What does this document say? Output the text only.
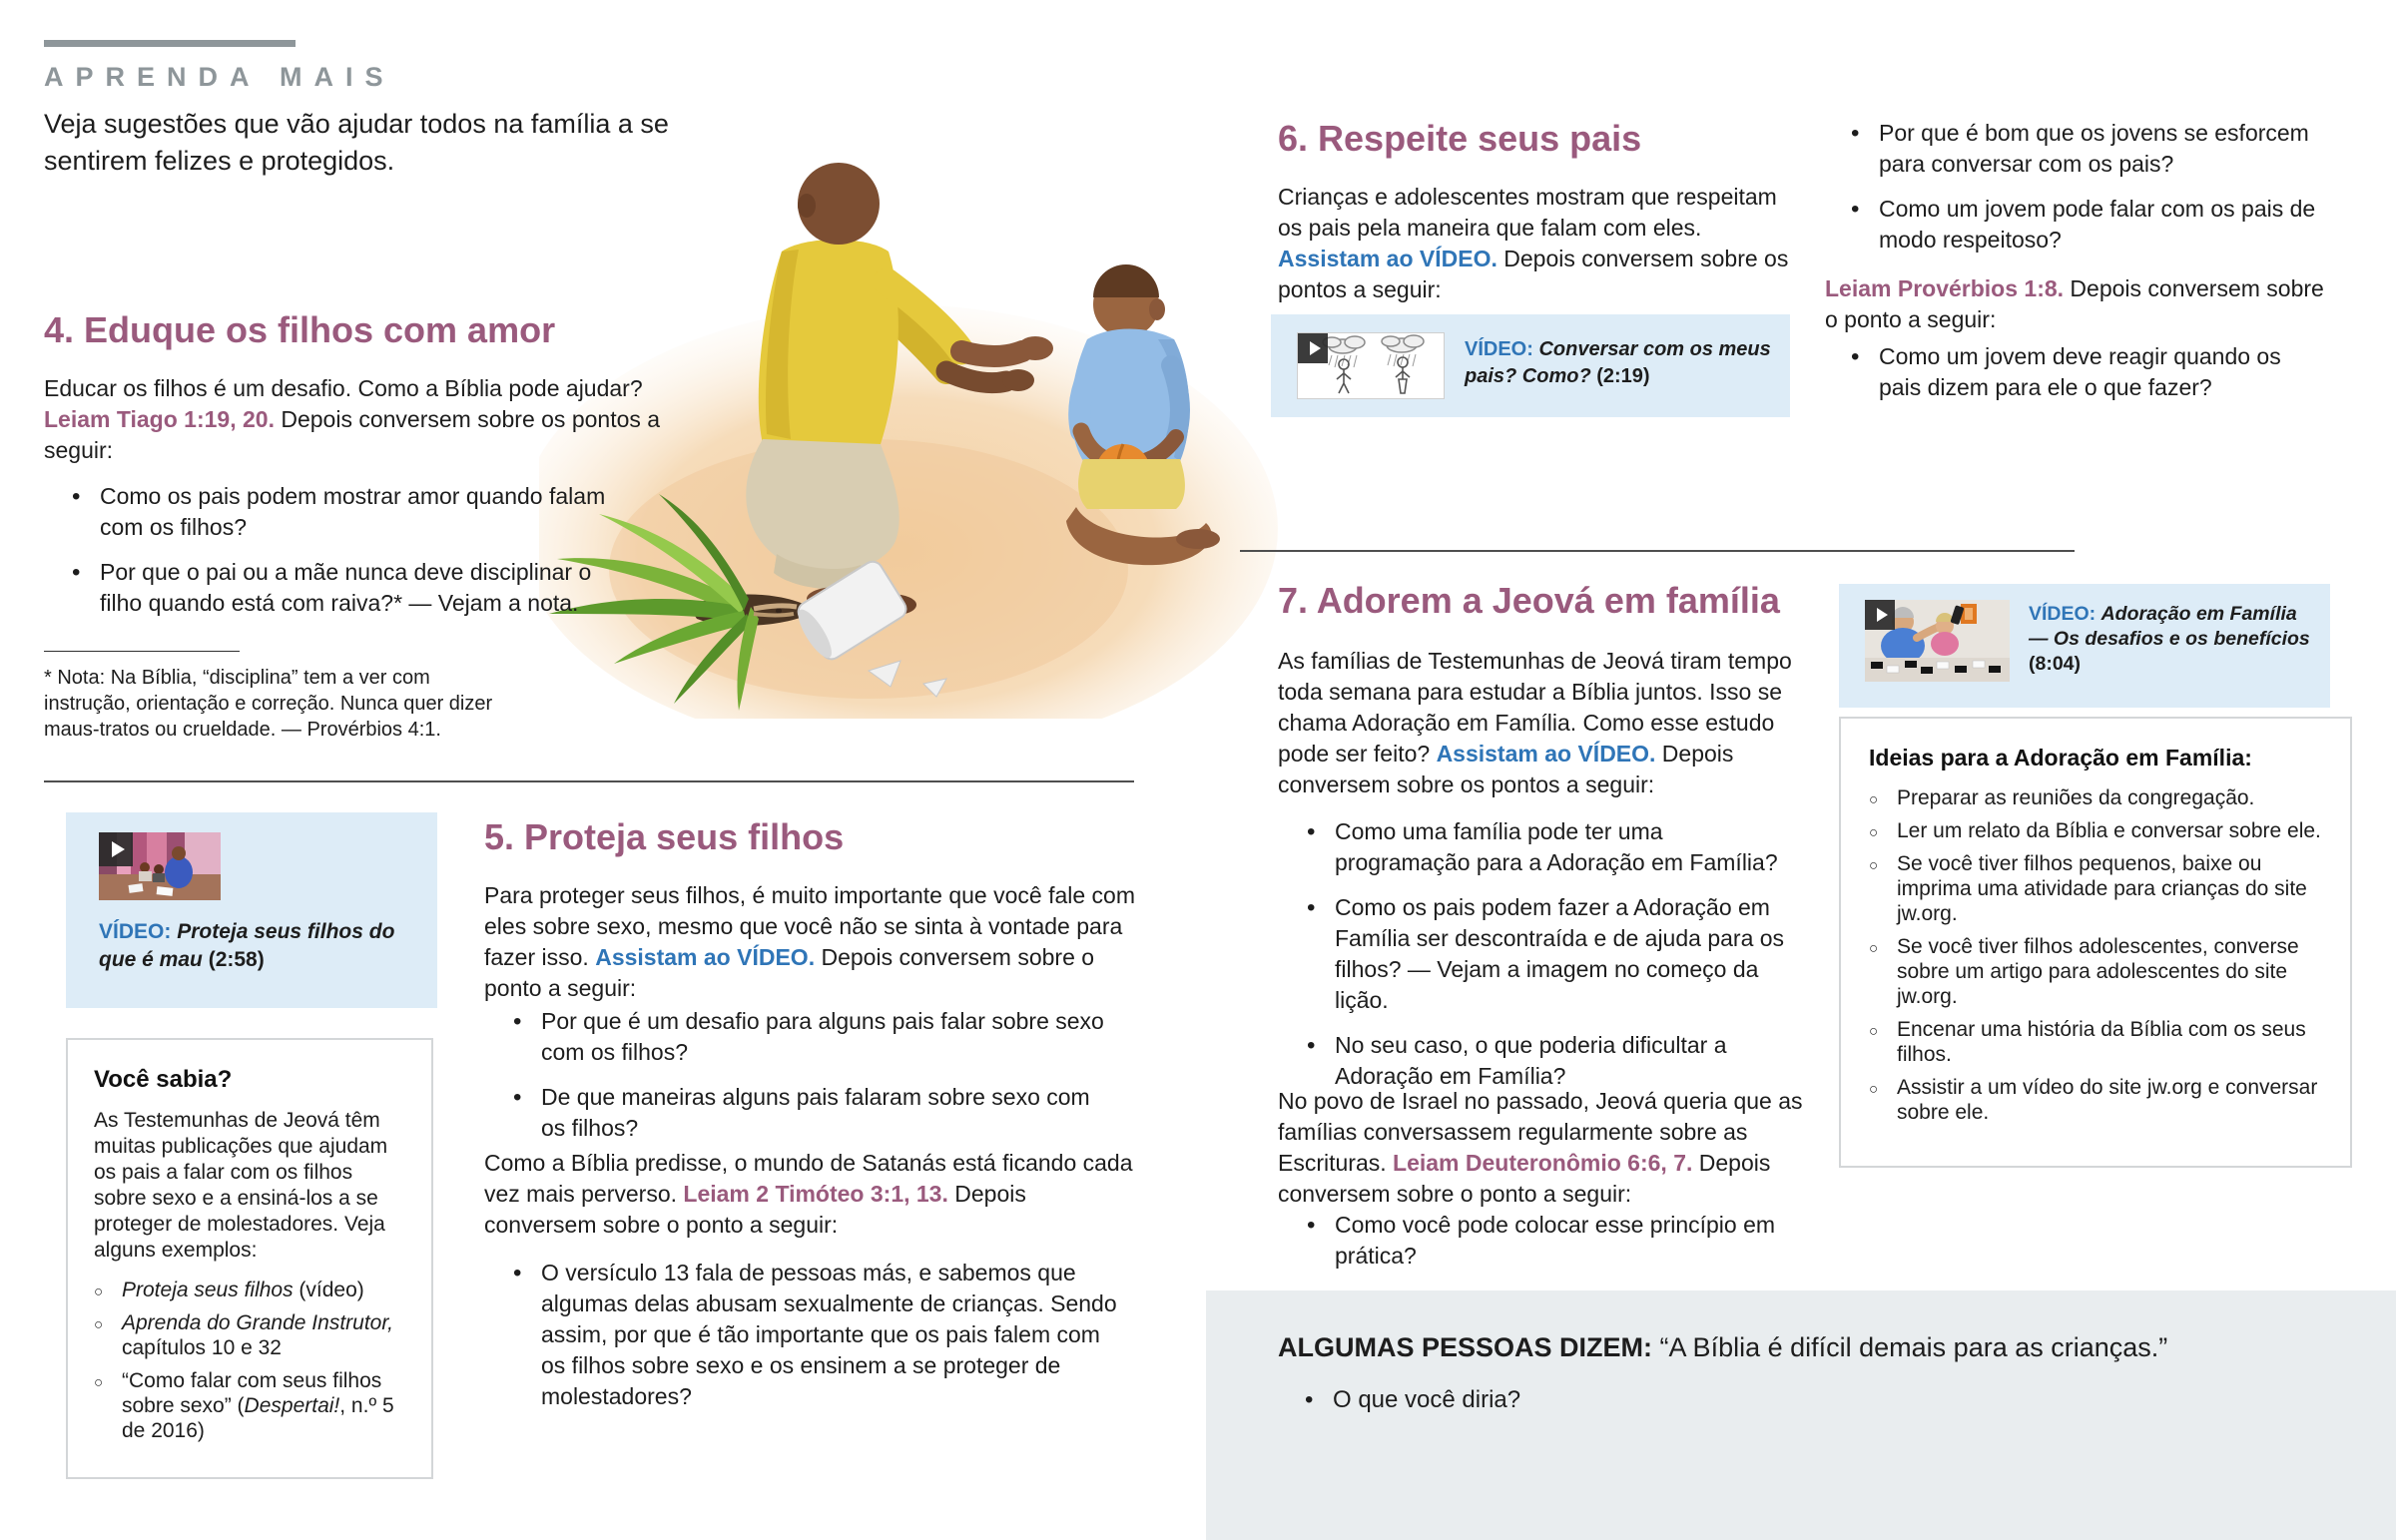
APRENDA MAIS
Veja sugestões que vão ajudar todos na família a se sentirem felizes e protegidos.
4. Eduque os filhos com amor
Educar os filhos é um desafio. Como a Bíblia pode ajudar? Leiam Tiago 1:19, 20. Depois conversem sobre os pontos a seguir:
• Como os pais podem mostrar amor quando falam com os filhos?
• Por que o pai ou a mãe nunca deve disciplinar o filho quando está com raiva?* — Vejam a nota.
* Nota: Na Bíblia, “disciplina” tem a ver com instrução, orientação e correção. Nunca quer dizer maus-tratos ou crueldade. — Provérbios 4:1.
VÍDEO: Proteja seus filhos do que é mau (2:58)
Você sabia?
As Testemunhas de Jeová têm muitas publicações que ajudam os pais a falar com os filhos sobre sexo e a ensiná-los a se proteger de molestadores. Veja alguns exemplos:
○ Proteja seus filhos (vídeo)
○ Aprenda do Grande Instrutor, capítulos 10 e 32
○ “Como falar com seus filhos sobre sexo” (Despertai!, n.º 5 de 2016)
5. Proteja seus filhos
Para proteger seus filhos, é muito importante que você fale com eles sobre sexo, mesmo que você não se sinta à vontade para fazer isso. Assistam ao VÍDEO. Depois conversem sobre o ponto a seguir:
• Por que é um desafio para alguns pais falar sobre sexo com os filhos?
• De que maneiras alguns pais falaram sobre sexo com os filhos?
Como a Bíblia predisse, o mundo de Satanás está ficando cada vez mais perverso. Leiam 2 Timóteo 3:1, 13. Depois conversem sobre o ponto a seguir:
• O versículo 13 fala de pessoas más, e sabemos que algumas delas abusam sexualmente de crianças. Sendo assim, por que é tão importante que os pais falem com os filhos sobre sexo e os ensinem a se proteger de molestadores?
6. Respeite seus pais
Crianças e adolescentes mostram que respeitam os pais pela maneira que falam com eles. Assistam ao VÍDEO. Depois conversem sobre os pontos a seguir:
VÍDEO: Conversar com os meus pais? Como? (2:19)
• Por que é bom que os jovens se esforcem para conversar com os pais?
• Como um jovem pode falar com os pais de modo respeitoso?
Leiam Provérbios 1:8. Depois conversem sobre o ponto a seguir:
• Como um jovem deve reagir quando os pais dizem para ele o que fazer?
7. Adorem a Jeová em família
As famílias de Testemunhas de Jeová tiram tempo toda semana para estudar a Bíblia juntos. Isso se chama Adoração em Família. Como esse estudo pode ser feito? Assistam ao VÍDEO. Depois conversem sobre os pontos a seguir:
• Como uma família pode ter uma programação para a Adoração em Família?
• Como os pais podem fazer a Adoração em Família ser descontraída e de ajuda para os filhos? — Vejam a imagem no começo da lição.
• No seu caso, o que poderia dificultar a Adoração em Família?
No povo de Israel no passado, Jeová queria que as famílias conversassem regularmente sobre as Escrituras. Leiam Deuteronômio 6:6, 7. Depois conversem sobre o ponto a seguir:
• Como você pode colocar esse princípio em prática?
VÍDEO: Adoração em Família — Os desafios e os benefícios (8:04)
Ideias para a Adoração em Família:
○ Preparar as reuniões da congregação.
○ Ler um relato da Bíblia e conversar sobre ele.
○ Se você tiver filhos pequenos, baixe ou imprima uma atividade para crianças do site jw.org.
○ Se você tiver filhos adolescentes, converse sobre um artigo para adolescentes do site jw.org.
○ Encenar uma história da Bíblia com os seus filhos.
○ Assistir a um vídeo do site jw.org e conversar sobre ele.
ALGUMAS PESSOAS DIZEM: “A Bíblia é difícil demais para as crianças.”
• O que você diria?
